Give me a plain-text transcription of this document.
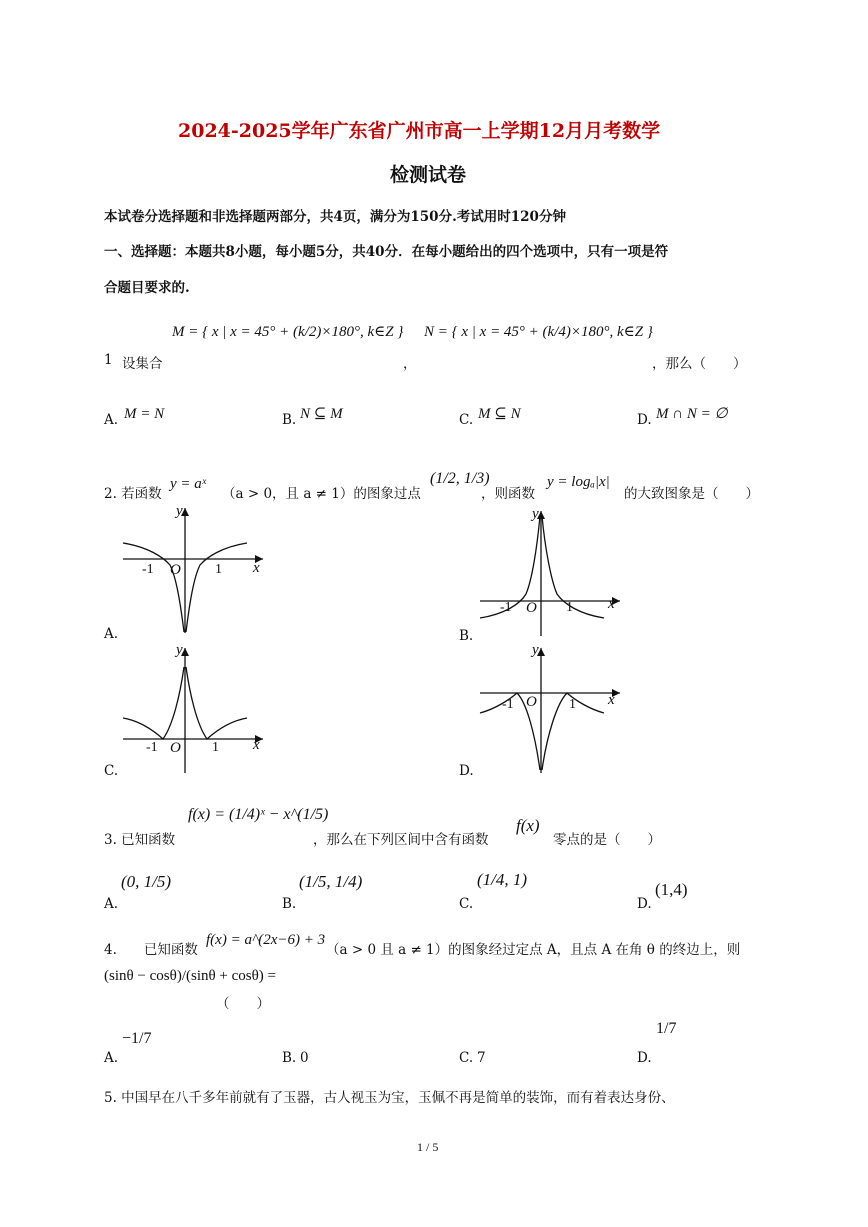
2024-2025学年广东省广州市高一上学期12月月考数学
检测试卷
本试卷分选择题和非选择题两部分，共4页，满分为150分.考试用时120分钟
一、选择题：本题共8小题，每小题5分，共40分．在每小题给出的四个选项中，只有一项是符
合题目要求的.
1 设集合
M = { x | x = 45° + (k/2)×180°, k∈Z }
，
N = { x | x = 45° + (k/4)×180°, k∈Z }
，那么（　　）
A. M = N	B. N ⊆ M	C. M ⊆ N	D. M ∩ N = ∅
2. 若函数
y = aˣ
（a > 0，且 a ≠ 1）的图象过点
(1/2, 1/3)
，则函数
y = logₐ|x|
的大致图象是（　　）
y
x
O
-1	1
A.
y
x
O
-1	1
B.
y
x
O
-1	1
C.
y
x
O
-1	1
D.
3. 已知函数
f(x) = (1/4)ˣ − x^(1/5)
，那么在下列区间中含有函数
f(x)
零点的是（　　）
A.
(0, 1/5)
B.
(1/5, 1/4)
C.
(1/4, 1)
D.
(1,4)
4.　　已知函数
f(x) = a^(2x−6) + 3
（a > 0 且 a ≠ 1）的图象经过定点 A，且点 A 在角 θ 的终边上，则
(sinθ − cosθ)/(sinθ + cosθ) =
（　　）
A.
−1/7
B. 0	C. 7	D.
1/7
5. 中国早在八千多年前就有了玉器，古人视玉为宝，玉佩不再是简单的装饰，而有着表达身份、
1 / 5
